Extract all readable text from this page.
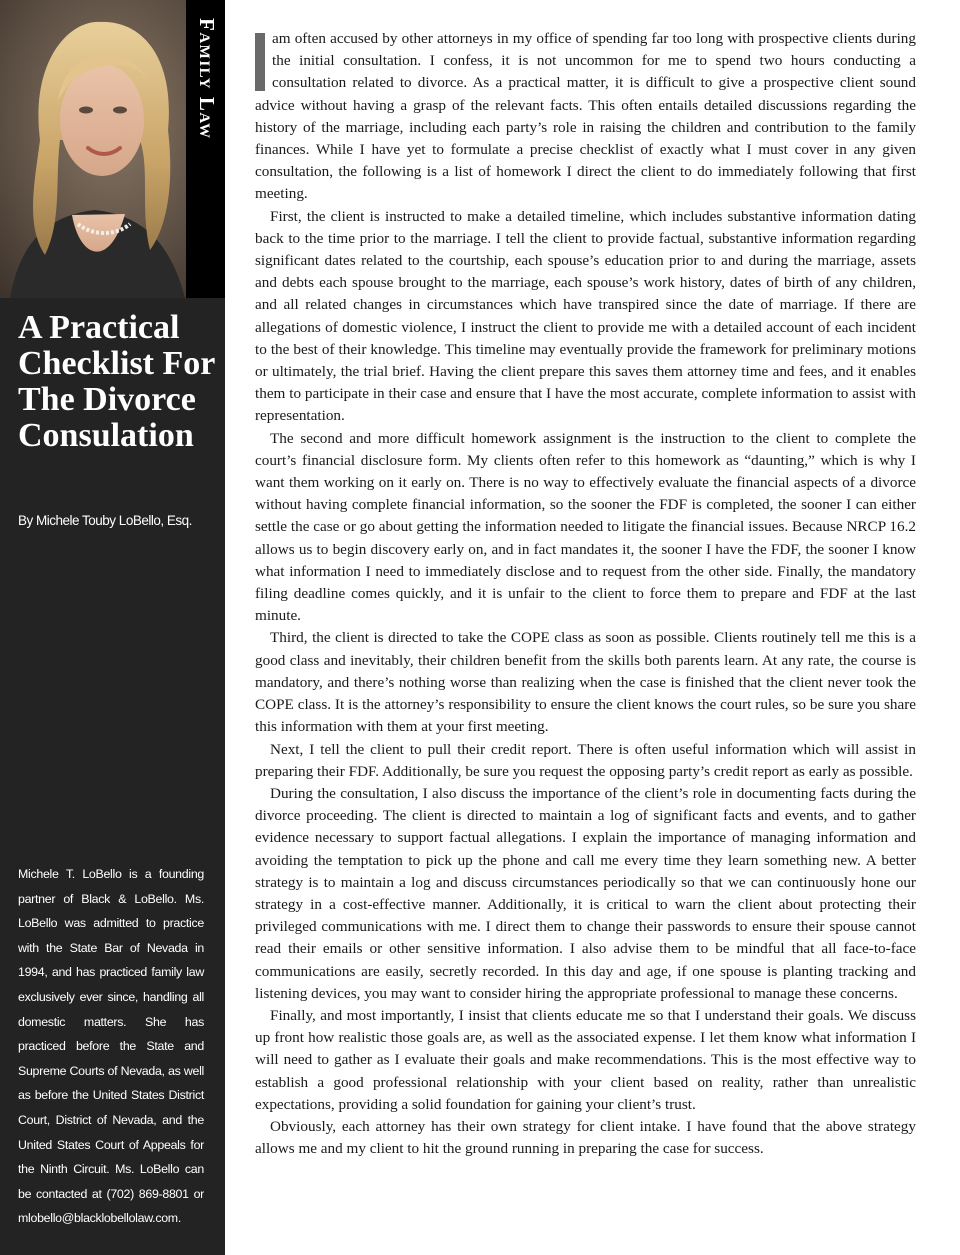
Family Law
A Practical Checklist For The Divorce Consulation

By Michele Touby LoBello, Esq.

Michele T. LoBello is a founding partner of Black & LoBello. Ms. LoBello was admitted to practice with the State Bar of Nevada in 1994, and has practiced family law exclusively ever since, handling all domestic matters. She has practiced before the State and Supreme Courts of Nevada, as well as before the United States District Court, District of Nevada, and the United States Court of Appeals for the Ninth Circuit. Ms. LoBello can be contacted at (702) 869-8801 or mlobello@blacklobellolaw.com.

am often accused by other attorneys in my office of spending far too long with prospective clients during the initial consultation. I confess, it is not uncommon for me to spend two hours conducting a consultation related to divorce. As a practical matter, it is difficult to give a prospective client sound advice without having a grasp of the relevant facts. This often entails detailed discussions regarding the history of the marriage, including each party’s role in raising the children and contribution to the family finances. While I have yet to formulate a precise checklist of exactly what I must cover in any given consultation, the following is a list of homework I direct the client to do immediately following that first meeting.

First, the client is instructed to make a detailed timeline, which includes substantive information dating back to the time prior to the marriage. I tell the client to provide factual, substantive information regarding significant dates related to the courtship, each spouse’s education prior to and during the marriage, assets and debts each spouse brought to the marriage, each spouse’s work history, dates of birth of any children, and all related changes in circumstances which have transpired since the date of marriage. If there are allegations of domestic violence, I instruct the client to provide me with a detailed account of each incident to the best of their knowledge. This timeline may eventually provide the framework for preliminary motions or ultimately, the trial brief. Having the client prepare this saves them attorney time and fees, and it enables them to participate in their case and ensure that I have the most accurate, complete information to assist with representation.

The second and more difficult homework assignment is the instruction to the client to complete the court’s financial disclosure form. My clients often refer to this homework as “daunting,” which is why I want them working on it early on. There is no way to effectively evaluate the financial aspects of a divorce without having complete financial information, so the sooner the FDF is completed, the sooner I can either settle the case or go about getting the information needed to litigate the financial issues. Because NRCP 16.2 allows us to begin discovery early on, and in fact mandates it, the sooner I have the FDF, the sooner I know what information I need to immediately disclose and to request from the other side. Finally, the mandatory filing deadline comes quickly, and it is unfair to the client to force them to prepare and FDF at the last minute.

Third, the client is directed to take the COPE class as soon as possible. Clients routinely tell me this is a good class and inevitably, their children benefit from the skills both parents learn. At any rate, the course is mandatory, and there’s nothing worse than realizing when the case is finished that the client never took the COPE class. It is the attorney’s responsibility to ensure the client knows the court rules, so be sure you share this information with them at your first meeting.

Next, I tell the client to pull their credit report. There is often useful information which will assist in preparing their FDF. Additionally, be sure you request the opposing party’s credit report as early as possible.

During the consultation, I also discuss the importance of the client’s role in documenting facts during the divorce proceeding. The client is directed to maintain a log of significant facts and events, and to gather evidence necessary to support factual allegations. I explain the importance of managing information and avoiding the temptation to pick up the phone and call me every time they learn something new. A better strategy is to maintain a log and discuss circumstances periodically so that we can continuously hone our strategy in a cost-effective manner. Additionally, it is critical to warn the client about protecting their privileged communications with me. I direct them to change their passwords to ensure their spouse cannot read their emails or other sensitive information. I also advise them to be mindful that all face-to-face communications are easily, secretly recorded. In this day and age, if one spouse is planting tracking and listening devices, you may want to consider hiring the appropriate professional to manage these concerns.

Finally, and most importantly, I insist that clients educate me so that I understand their goals. We discuss up front how realistic those goals are, as well as the associated expense. I let them know what information I will need to gather as I evaluate their goals and make recommendations. This is the most effective way to establish a good professional relationship with your client based on reality, rather than unrealistic expectations, providing a solid foundation for gaining your client’s trust.

Obviously, each attorney has their own strategy for client intake. I have found that the above strategy allows me and my client to hit the ground running in preparing the case for success.
